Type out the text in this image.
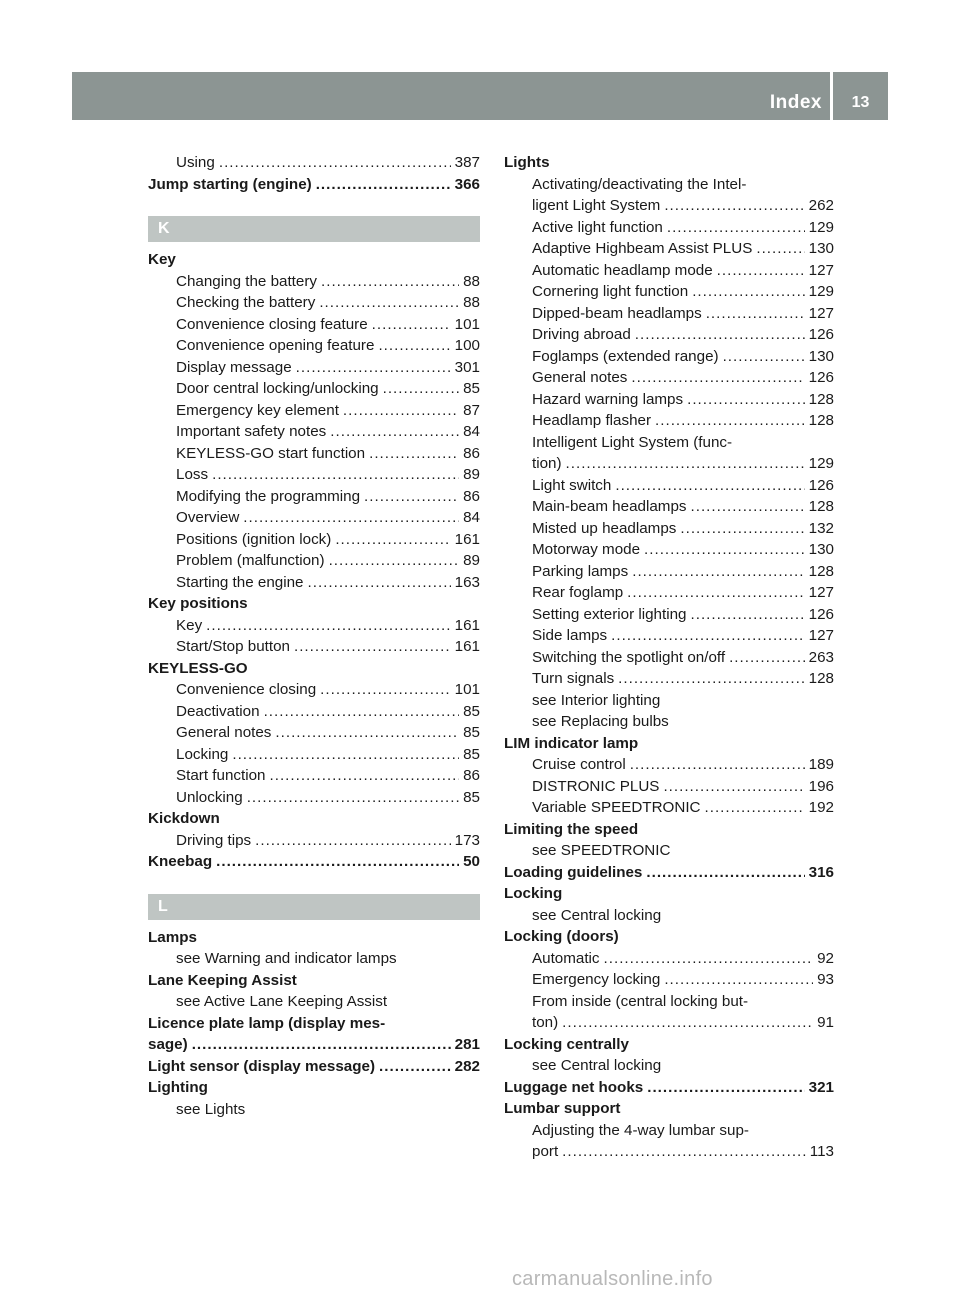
Index	13
Using .....	387
Jump starting (engine) .....	366
K
Key
Changing the battery .....	88
Checking the battery .....	88
Convenience closing feature .....	101
Convenience opening feature .....	100
Display message .....	301
Door central locking/unlocking .....	85
Emergency key element .....	87
Important safety notes .....	84
KEYLESS-GO start function .....	86
Loss .....	89
Modifying the programming .....	86
Overview .....	84
Positions (ignition lock) .....	161
Problem (malfunction) .....	89
Starting the engine .....	163
Key positions
Key .....	161
Start/Stop button .....	161
KEYLESS-GO
Convenience closing .....	101
Deactivation .....	85
General notes .....	85
Locking .....	85
Start function .....	86
Unlocking .....	85
Kickdown
Driving tips .....	173
Kneebag .....	50
L
Lamps
see Warning and indicator lamps
Lane Keeping Assist
see Active Lane Keeping Assist
Licence plate lamp (display mes-
sage) .....	281
Light sensor (display message) .....	282
Lighting
see Lights
Lights
Activating/deactivating the Intel-
ligent Light System .....	262
Active light function .....	129
Adaptive Highbeam Assist PLUS .....	130
Automatic headlamp mode .....	127
Cornering light function .....	129
Dipped-beam headlamps .....	127
Driving abroad .....	126
Foglamps (extended range) .....	130
General notes .....	126
Hazard warning lamps .....	128
Headlamp flasher .....	128
Intelligent Light System (func-
tion) .....	129
Light switch .....	126
Main-beam headlamps .....	128
Misted up headlamps .....	132
Motorway mode .....	130
Parking lamps .....	128
Rear foglamp .....	127
Setting exterior lighting .....	126
Side lamps .....	127
Switching the spotlight on/off .....	263
Turn signals .....	128
see Interior lighting
see Replacing bulbs
LIM indicator lamp
Cruise control .....	189
DISTRONIC PLUS .....	196
Variable SPEEDTRONIC .....	192
Limiting the speed
see SPEEDTRONIC
Loading guidelines .....	316
Locking
see Central locking
Locking (doors)
Automatic .....	92
Emergency locking .....	93
From inside (central locking but-
ton) .....	91
Locking centrally
see Central locking
Luggage net hooks .....	321
Lumbar support
Adjusting the 4-way lumbar sup-
port .....	113
carmanualsonline.info
